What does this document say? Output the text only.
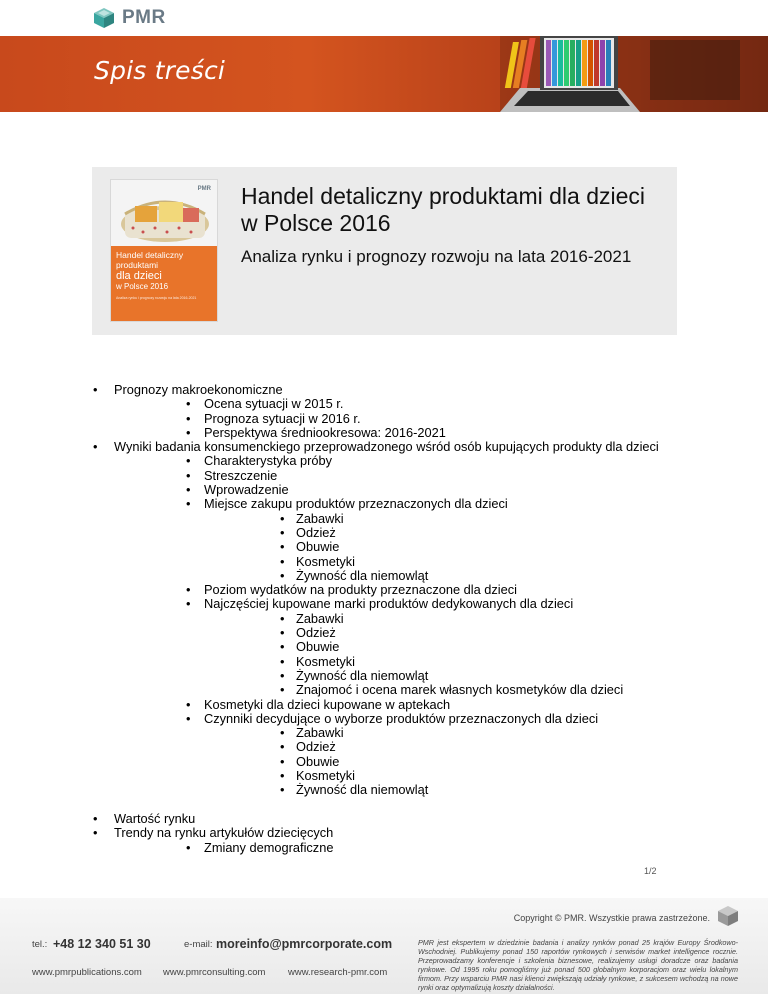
PMR
Spis treści
PMR
Handel detaliczny
produktami
dla dzieci
w Polsce 2016
Analiza rynku i prognozy rozwoju na lata 2016-2021
Handel detaliczny produktami dla dzieci w Polsce 2016
Analiza rynku i prognozy rozwoju na lata 2016-2021
• Prognozy makroekonomiczne
• Ocena sytuacji w 2015 r.
• Prognoza sytuacji w 2016 r.
• Perspektywa średniookresowa: 2016-2021
• Wyniki badania konsumenckiego przeprowadzonego wśród osób kupujących produkty dla dzieci
• Charakterystyka próby
• Streszczenie
• Wprowadzenie
• Miejsce zakupu produktów przeznaczonych dla dzieci
• Zabawki
• Odzież
• Obuwie
• Kosmetyki
• Żywność dla niemowląt
• Poziom wydatków na produkty przeznaczone dla dzieci
• Najczęściej kupowane marki produktów dedykowanych dla dzieci
• Zabawki
• Odzież
• Obuwie
• Kosmetyki
• Żywność dla niemowląt
• Znajomoć i ocena marek własnych kosmetyków dla dzieci
• Kosmetyki dla dzieci kupowane w aptekach
• Czynniki decydujące o wyborze produktów przeznaczonych dla dzieci
• Zabawki
• Odzież
• Obuwie
• Kosmetyki
• Żywność dla niemowląt
• Wartość rynku
• Trendy na rynku artykułów dziecięcych
• Zmiany demograficzne
1/2
Copyright © PMR. Wszystkie prawa zastrzeżone.
tel.: +48 12 340 51 30	e-mail: moreinfo@pmrcorporate.com
www.pmrpublications.com www.pmrconsulting.com www.research-pmr.com
PMR jest ekspertem w dziedzinie badania i analizy rynków ponad 25 krajów Europy Środkowo-Wschodniej. Publikujemy ponad 150 raportów rynkowych i serwisów market intelligence rocznie. Przeprowadzamy konferencje i szkolenia biznesowe, realizujemy usługi doradcze oraz badania rynkowe. Od 1995 roku pomogliśmy już ponad 500 globalnym korporacjom oraz wielu lokalnym firmom. Przy wsparciu PMR nasi klienci zwiększają udziały rynkowe, z sukcesem wchodzą na nowe rynki oraz optymalizują koszty działalności.
